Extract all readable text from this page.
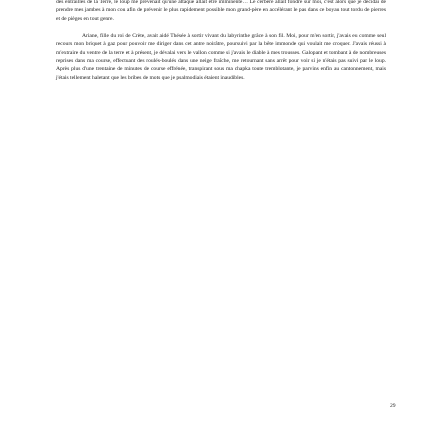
des entrailles de la Terre, le loup me prévenait qu'une attaque allait être imminente… Le cerbère allait fondre sur moi, c'est alors que je décidai de prendre mes jambes à mon cou afin de prévenir le plus rapidement possible mon grand-père en accélérant le pas dans ce boyau tout tordu de pierres et de pièges en tout genre.

Ariane, fille du roi de Crète, avait aidé Thésée à sortir vivant du labyrinthe grâce à son fil. Moi, pour m'en sortir, j'avais eu comme seul recours mon briquet à gaz pour pouvoir me diriger dans cet antre noirâtre, poursuivi par la bête immonde qui voulait me croquer. J'avais réussi à m'extraire du ventre de la terre et à présent, je dévalai vers le vallon comme si j'avais le diable à mes trousses. Galopant et tombant à de nombreuses reprises dans ma course, effectuant des roulés-boulés dans une neige fraîche, me retournant sans arrêt pour voir si je n'étais pas suivi par le loup. Après plus d'une trentaine de minutes de course effrénée, transpirant sous ma chapka toute tremblotante, je parvins enfin au cantonnement, mais j'étais tellement haletant que les bribes de mots que je psalmodiais étaient inaudibles.

29
